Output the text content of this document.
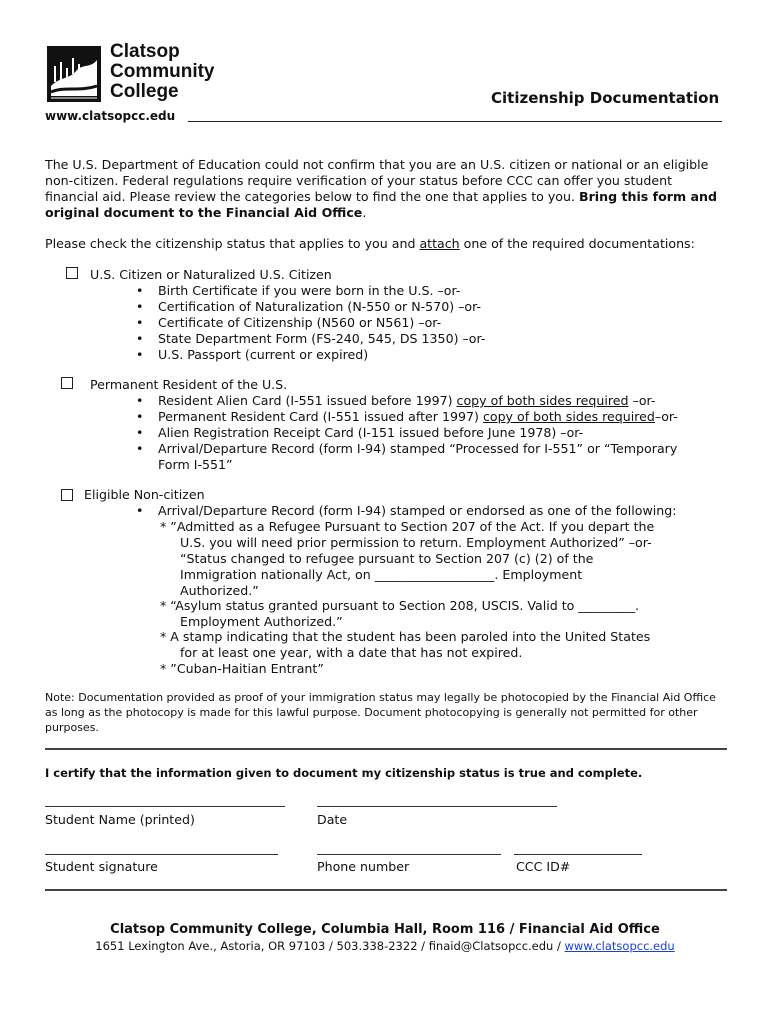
Clatsop
Community
College	Citizenship Documentation
www.clatsopcc.edu
The U.S. Department of Education could not confirm that you are an U.S. citizen or national or an eligible non-citizen. Federal regulations require verification of your status before CCC can offer you student financial aid. Please review the categories below to find the one that applies to you. Bring this form and original document to the Financial Aid Office.
Please check the citizenship status that applies to you and attach one of the required documentations:
U.S. Citizen or Naturalized U.S. Citizen
• Birth Certificate if you were born in the U.S. –or-
• Certification of Naturalization (N-550 or N-570) –or-
• Certificate of Citizenship (N560 or N561) –or-
• State Department Form (FS-240, 545, DS 1350) –or-
• U.S. Passport (current or expired)
Permanent Resident of the U.S.
• Resident Alien Card (I-551 issued before 1997) copy of both sides required –or-
• Permanent Resident Card (I-551 issued after 1997) copy of both sides required–or-
• Alien Registration Receipt Card (I-151 issued before June 1978) –or-
• Arrival/Departure Record (form I-94) stamped “Processed for I-551” or “Temporary
Form I-551”
Eligible Non-citizen
• Arrival/Departure Record (form I-94) stamped or endorsed as one of the following:
* ”Admitted as a Refugee Pursuant to Section 207 of the Act. If you depart the
U.S. you will need prior permission to return. Employment Authorized” –or-
“Status changed to refugee pursuant to Section 207 (c) (2) of the
Immigration nationally Act, on ___________________. Employment
Authorized.”
* “Asylum status granted pursuant to Section 208, USCIS. Valid to _________.
Employment Authorized.”
* A stamp indicating that the student has been paroled into the United States
for at least one year, with a date that has not expired.
* ”Cuban-Haitian Entrant”
Note: Documentation provided as proof of your immigration status may legally be photocopied by the Financial Aid Office as long as the photocopy is made for this lawful purpose. Document photocopying is generally not permitted for other purposes.
I certify that the information given to document my citizenship status is true and complete.
Student Name (printed)	Date
Student signature	Phone number	CCC ID#
Clatsop Community College, Columbia Hall, Room 116 / Financial Aid Office
1651 Lexington Ave., Astoria, OR 97103 / 503.338-2322 / finaid@Clatsopcc.edu / www.clatsopcc.edu
